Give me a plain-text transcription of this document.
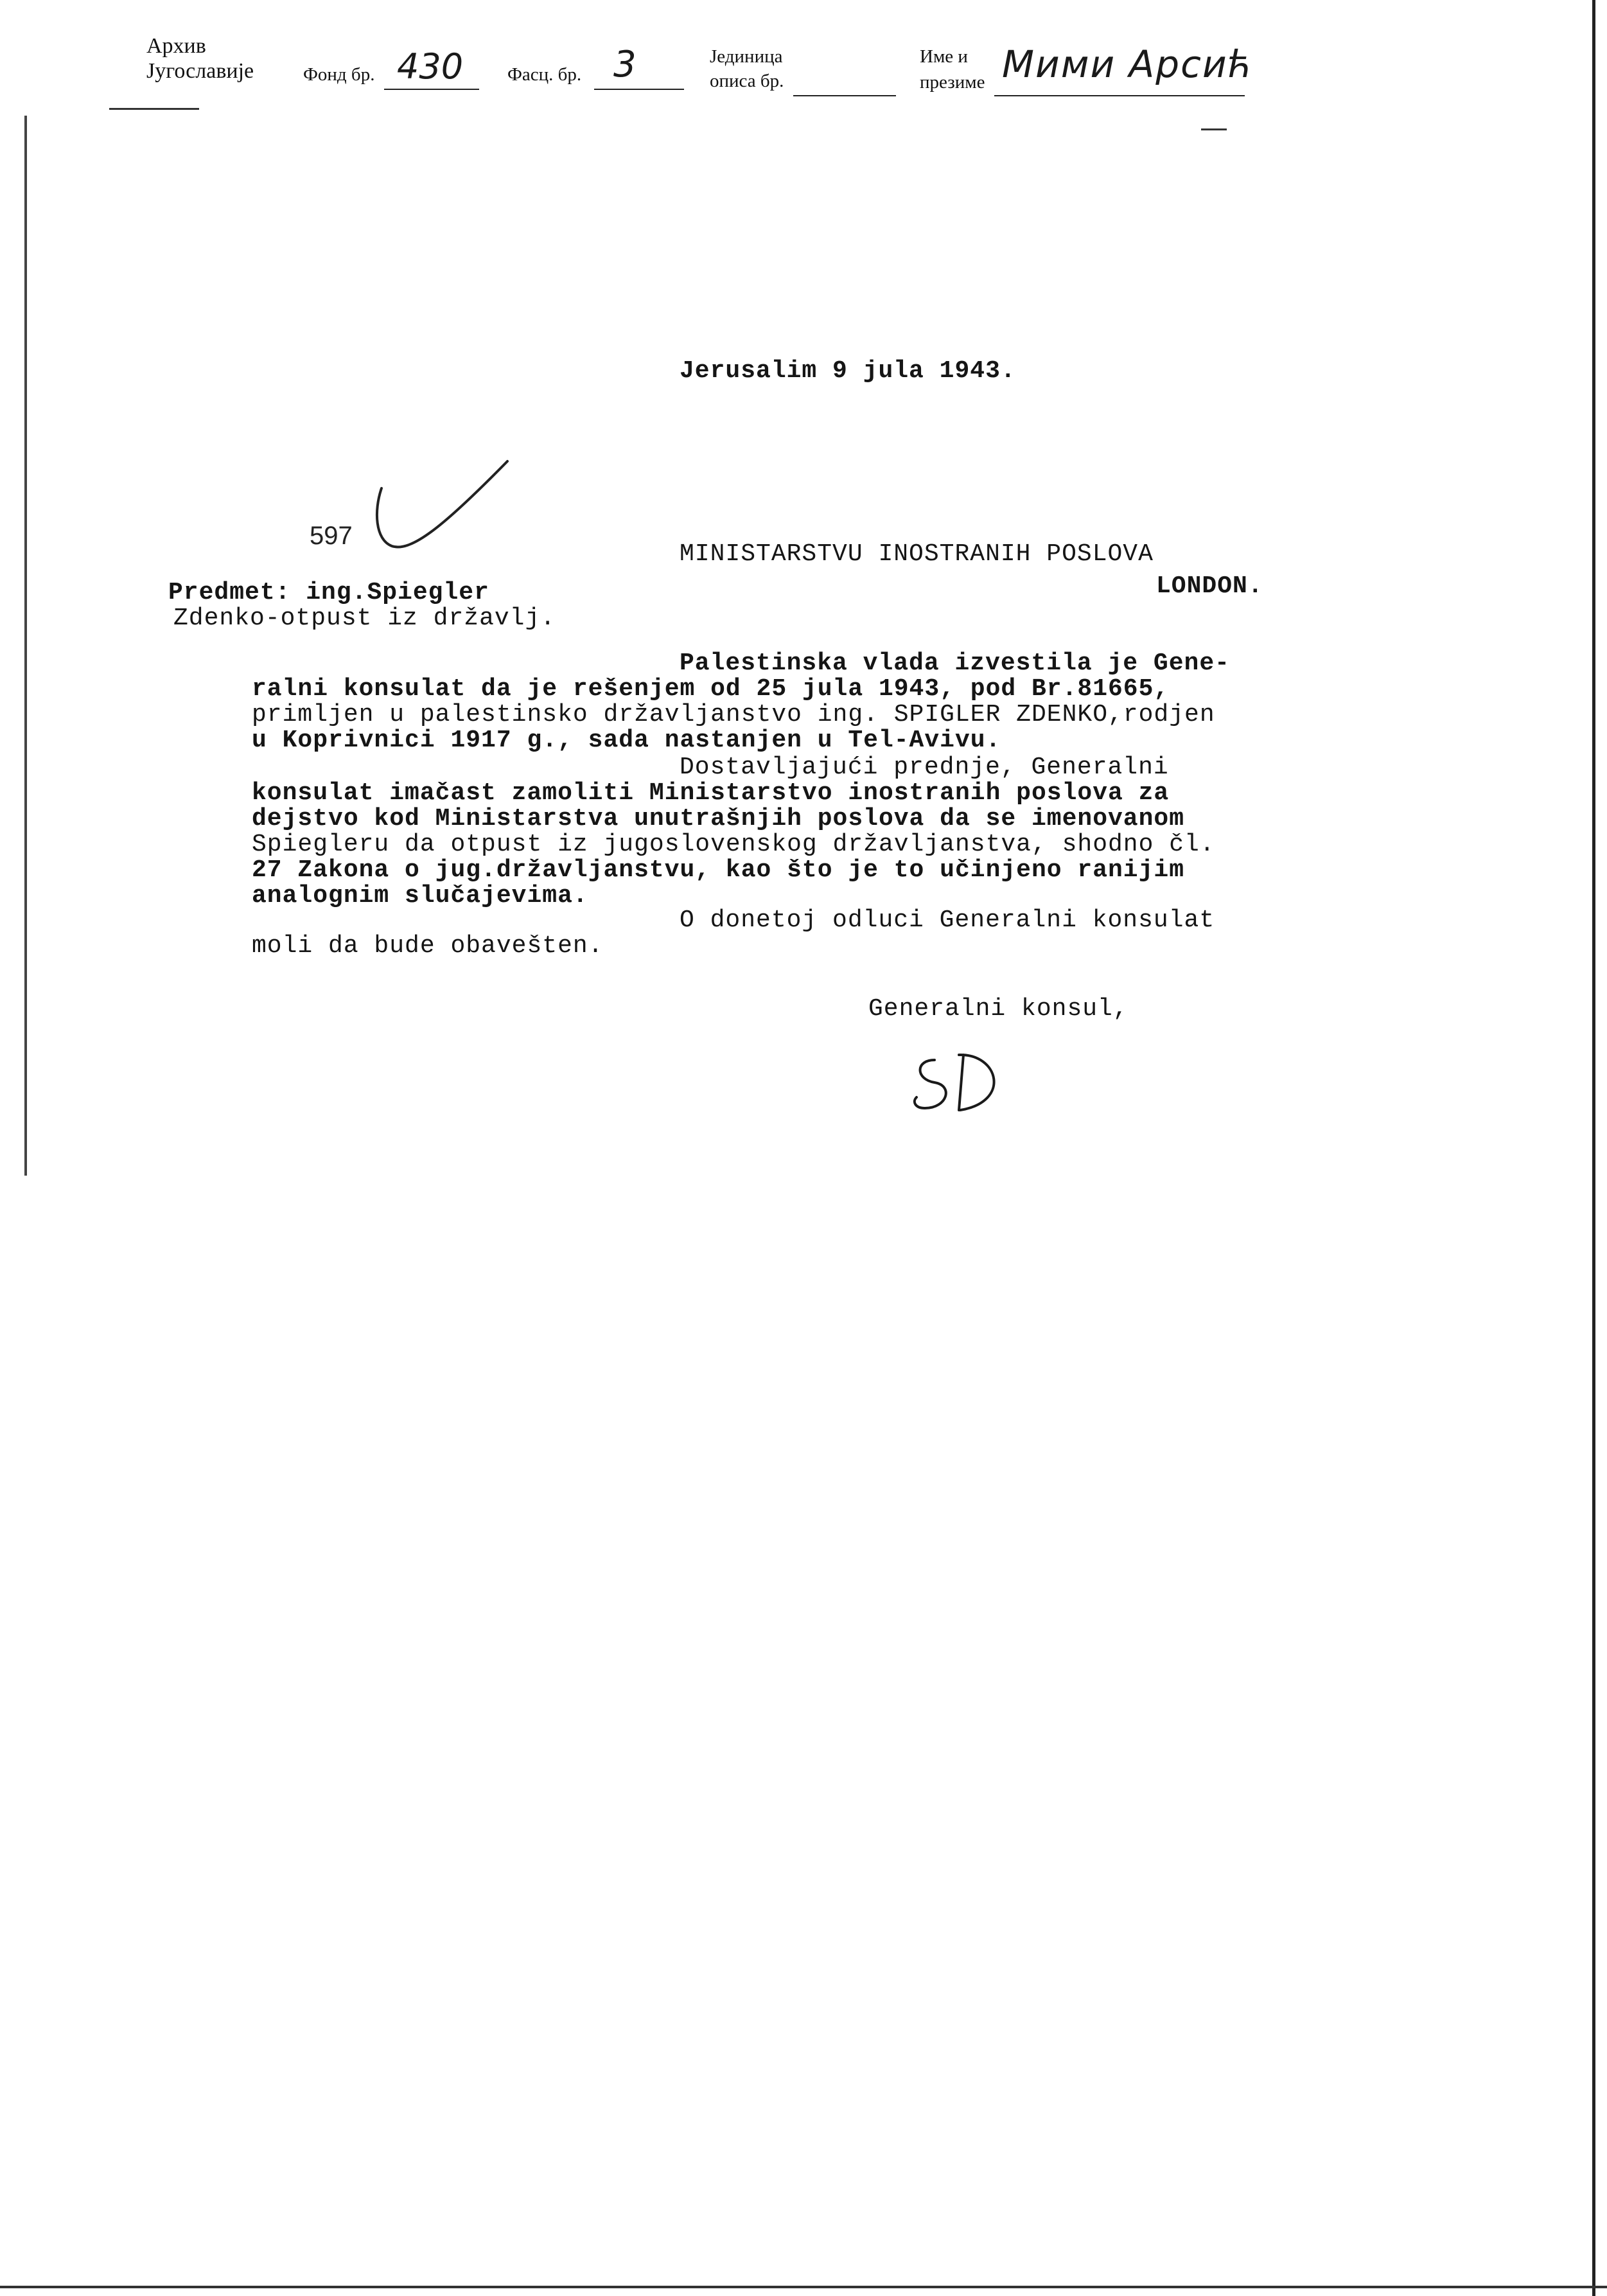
Архив
Југославије	Фонд бр. 430 Фасц. бр. 3	Јединица
описа бр.
Име и
презиме Мими Арсић
Jerusalim 9 jula 1943.
597
MINISTARSTVU INOSTRANIH POSLOVA
LONDON.
Predmet: ing.Spiegler
Zdenko-otpust iz državlj.
Palestinska vlada izvestila je Gene-
ralni konsulat da je rešenjem od 25 jula 1943, pod Br.81665,
primljen u palestinsko državljanstvo ing. SPIGLER ZDENKO,rodjen
u Koprivnici 1917 g., sada nastanjen u Tel-Avivu.
Dostavljajući prednje, Generalni
konsulat imačast zamoliti Ministarstvo inostranih poslova za
dejstvo kod Ministarstva unutrašnjih poslova da se imenovanom
Spiegleru da otpust iz jugoslovenskog državljanstva, shodno čl.
27 Zakona o jug.državljanstvu, kao što je to učinjeno ranijim
analognim slučajevima.
O donetoj odluci Generalni konsulat
moli da bude obavešten.
Generalni konsul,
